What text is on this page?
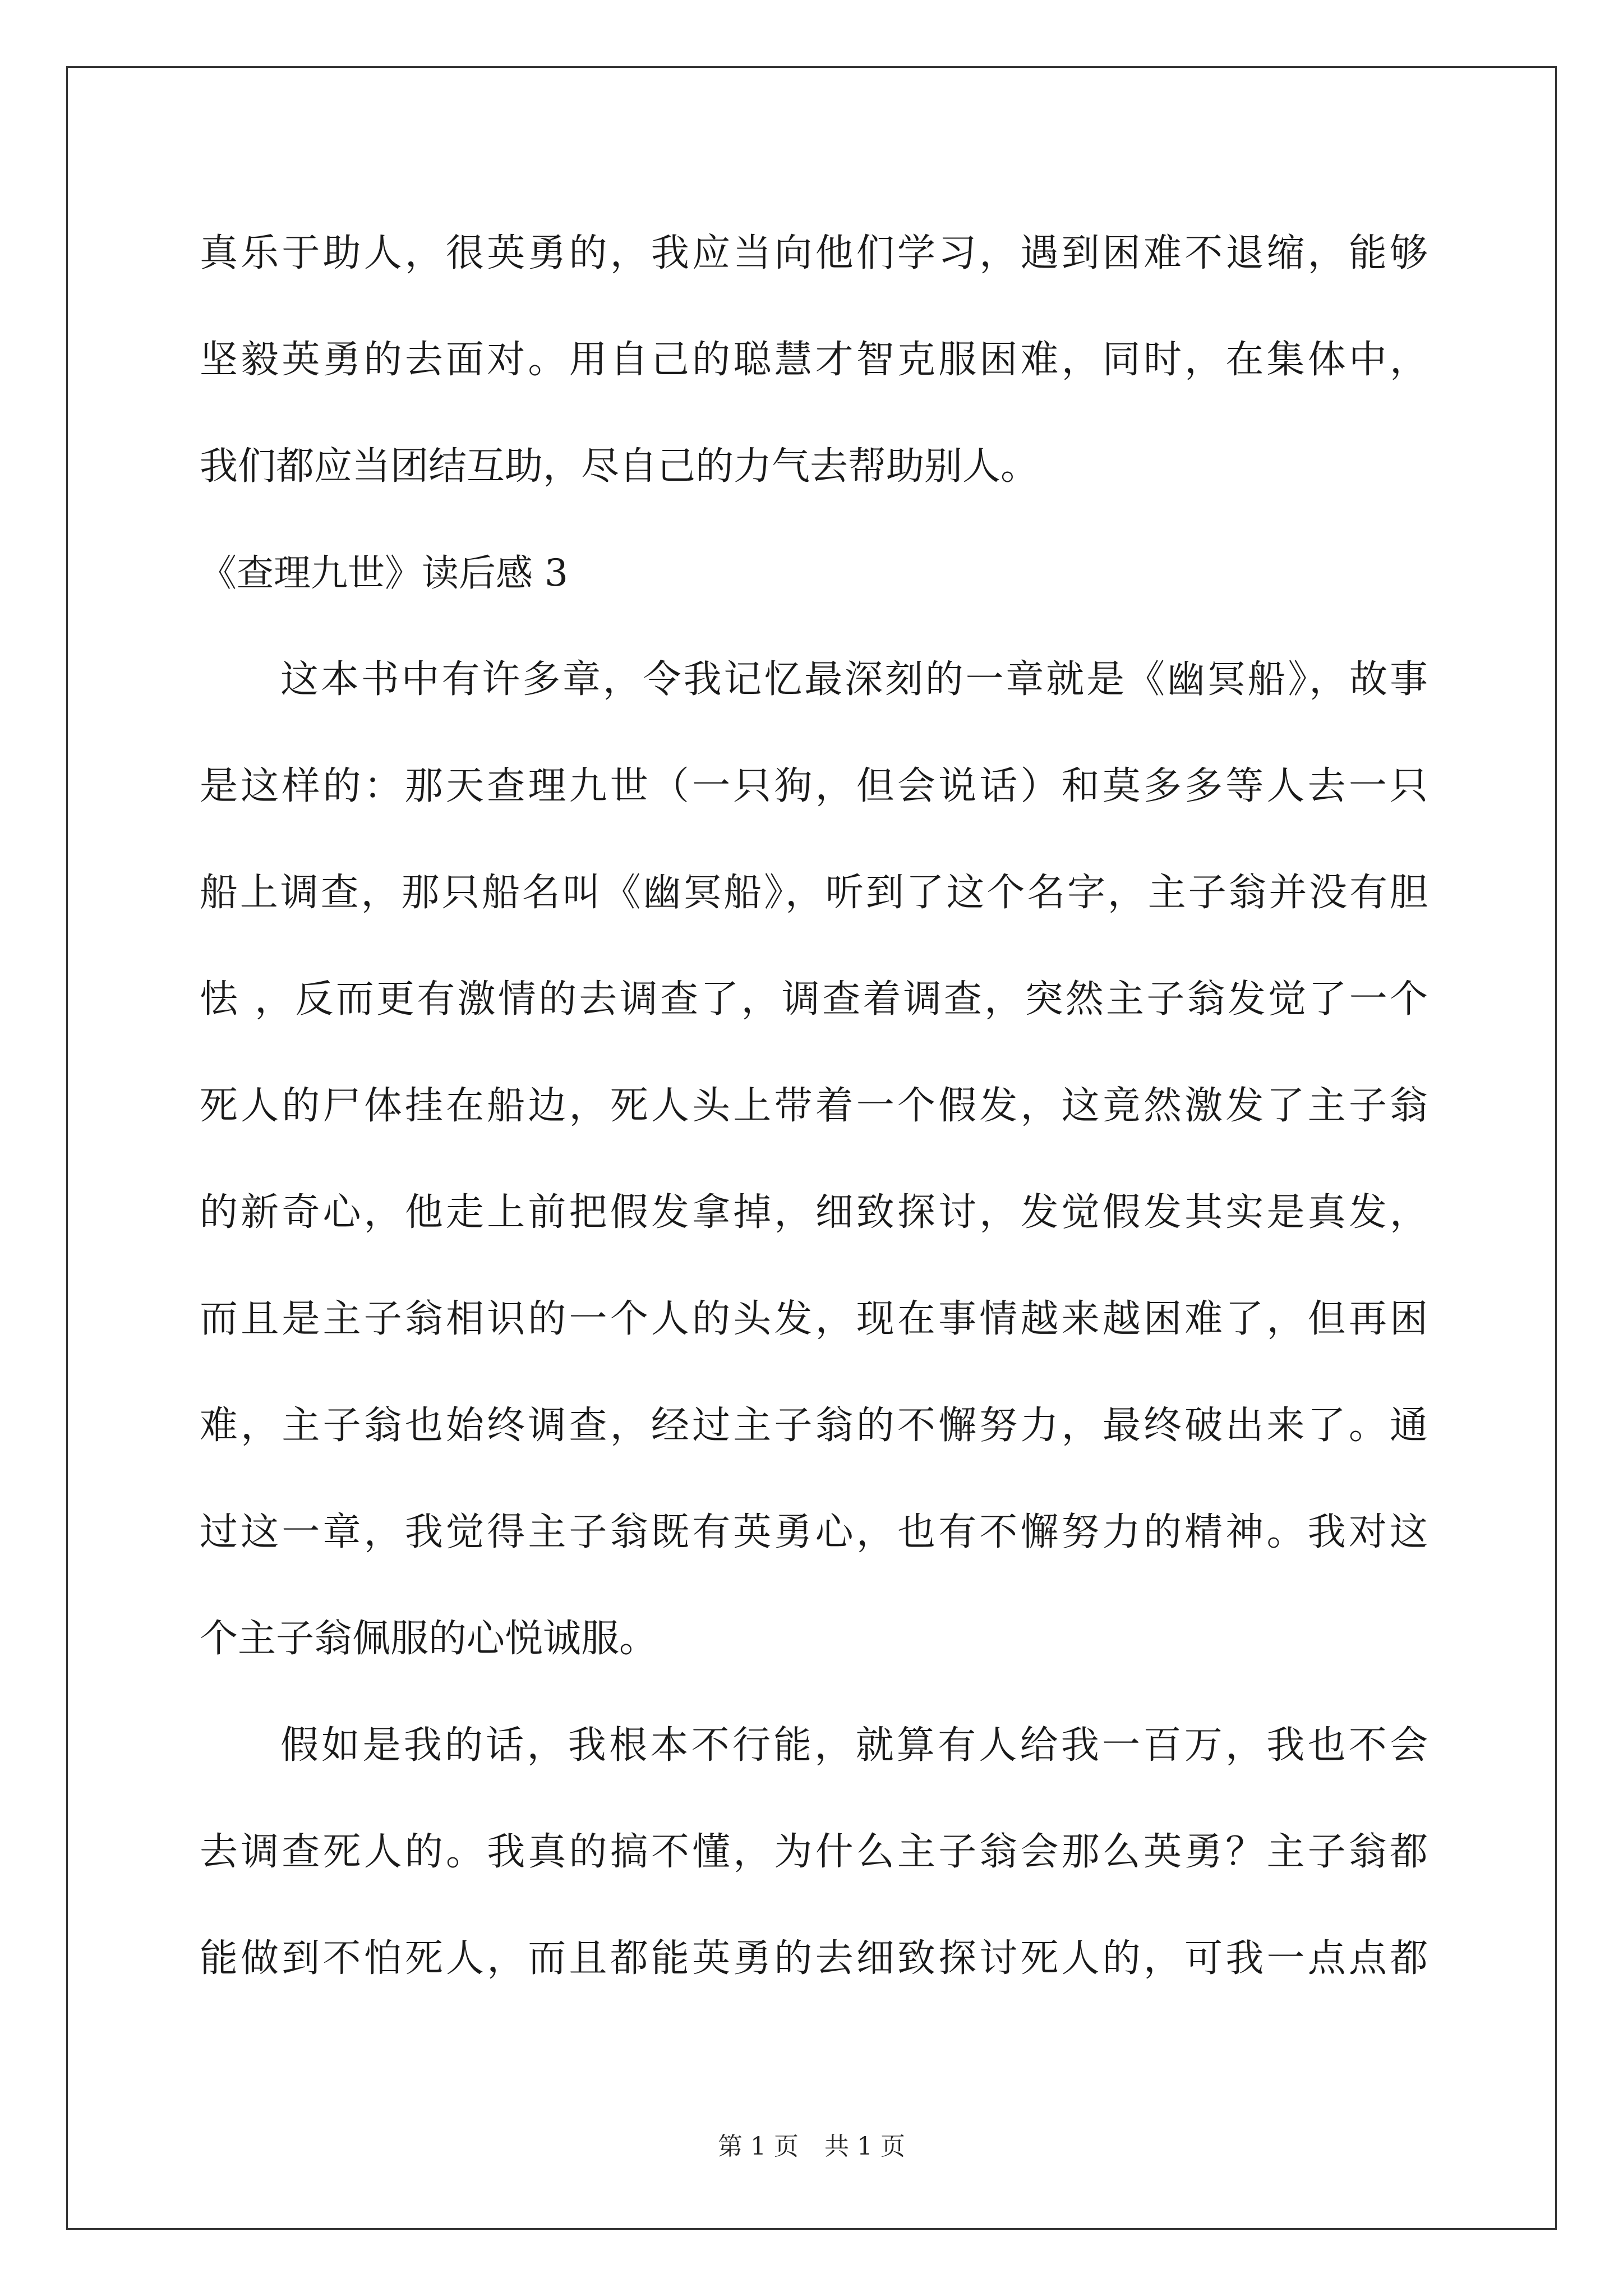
真乐于助人，很英勇的，我应当向他们学习，遇到困难不退缩，能够
坚毅英勇的去面对。用自己的聪慧才智克服困难，同时，在集体中，
我们都应当团结互助，尽自己的力气去帮助别人。
《查理九世》读后感 3
这本书中有许多章，令我记忆最深刻的一章就是《幽冥船》，故事
是这样的：那天查理九世（一只狗，但会说话）和莫多多等人去一只
船上调查，那只船名叫《幽冥船》，听到了这个名字，主子翁并没有胆
怯 ，反而更有激情的去调查了，调查着调查，突然主子翁发觉了一个
死人的尸体挂在船边，死人头上带着一个假发，这竟然激发了主子翁
的新奇心，他走上前把假发拿掉，细致探讨，发觉假发其实是真发，
而且是主子翁相识的一个人的头发，现在事情越来越困难了，但再困
难，主子翁也始终调查，经过主子翁的不懈努力，最终破出来了。通
过这一章，我觉得主子翁既有英勇心，也有不懈努力的精神。我对这
个主子翁佩服的心悦诚服。
假如是我的话，我根本不行能，就算有人给我一百万，我也不会
去调查死人的。我真的搞不懂，为什么主子翁会那么英勇？主子翁都
能做到不怕死人，而且都能英勇的去细致探讨死人的，可我一点点都
第 1 页 共 1 页
